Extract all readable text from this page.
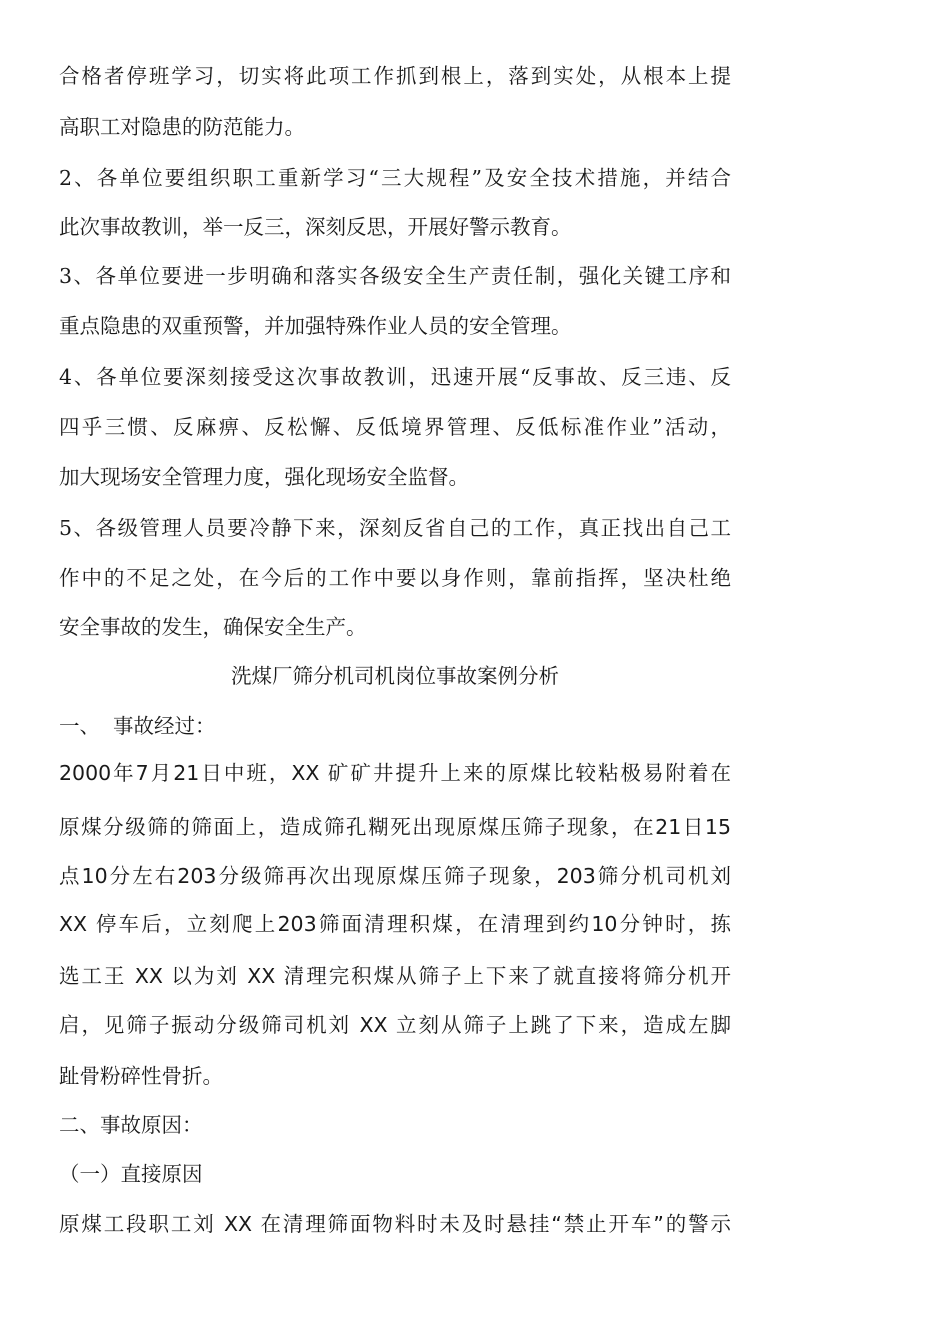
合格者停班学习，切实将此项工作抓到根上，落到实处，从根本上提
高职工对隐患的防范能力。
2、各单位要组织职工重新学习“三大规程”及安全技术措施，并结合
此次事故教训，举一反三，深刻反思，开展好警示教育。
3、各单位要进一步明确和落实各级安全生产责任制，强化关键工序和
重点隐患的双重预警，并加强特殊作业人员的安全管理。
4、各单位要深刻接受这次事故教训，迅速开展“反事故、反三违、反
四乎三惯、反麻痹、反松懈、反低境界管理、反低标准作业”活动，
加大现场安全管理力度，强化现场安全监督。
5、各级管理人员要冷静下来，深刻反省自己的工作，真正找出自己工
作中的不足之处，在今后的工作中要以身作则，靠前指挥，坚决杜绝
安全事故的发生，确保安全生产。
洗煤厂筛分机司机岗位事故案例分析
一、  事故经过：
2000年7月21日中班，XX 矿矿井提升上来的原煤比较粘极易附着在
原煤分级筛的筛面上，造成筛孔糊死出现原煤压筛子现象，在21日15
点10分左右203分级筛再次出现原煤压筛子现象，203筛分机司机刘
XX 停车后，立刻爬上203筛面清理积煤，在清理到约10分钟时，拣
选工王 XX 以为刘 XX 清理完积煤从筛子上下来了就直接将筛分机开
启，见筛子振动分级筛司机刘 XX 立刻从筛子上跳了下来，造成左脚
趾骨粉碎性骨折。
二、事故原因：
（一）直接原因
原煤工段职工刘 XX 在清理筛面物料时未及时悬挂“禁止开车”的警示
